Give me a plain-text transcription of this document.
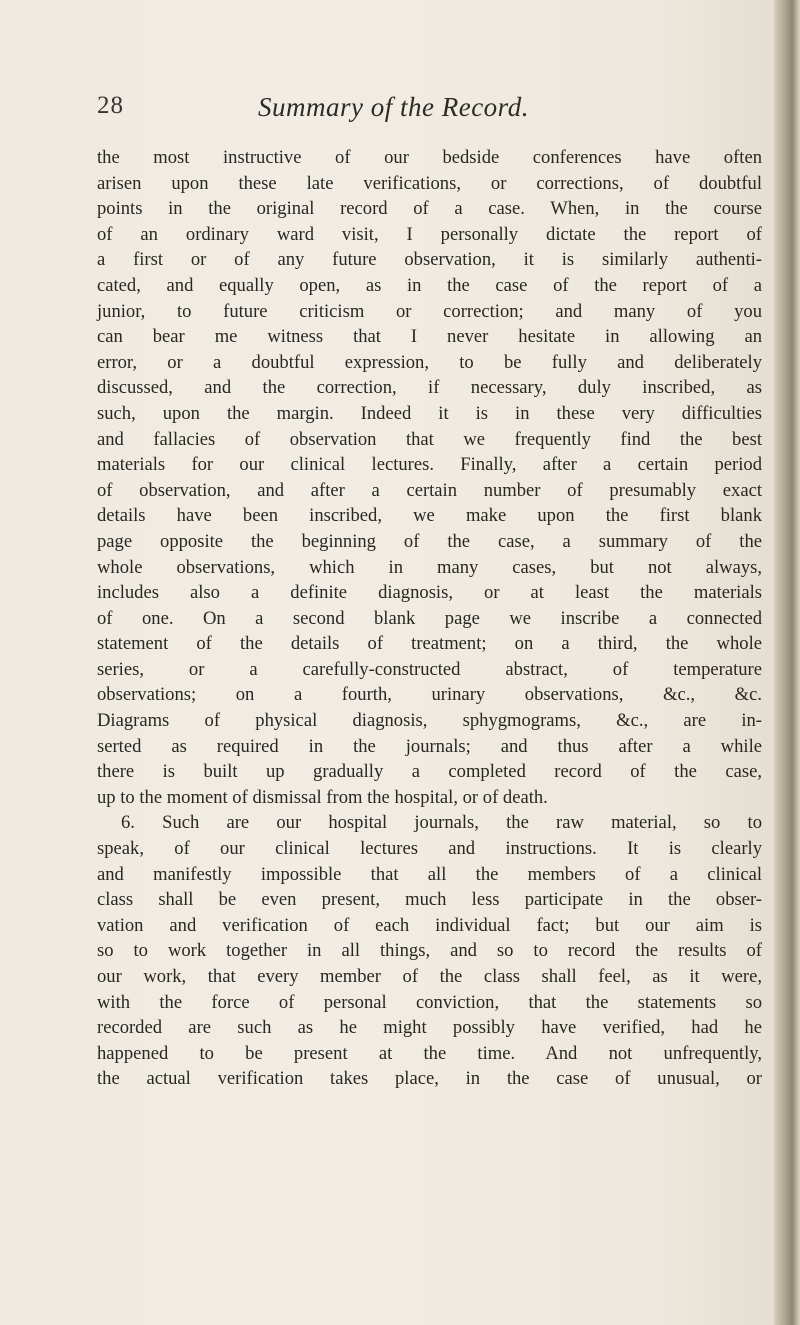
28	Summary of the Record.
the most instructive of our bedside conferences have often
arisen upon these late verifications, or corrections, of doubtful
points in the original record of a case. When, in the course
of an ordinary ward visit, I personally dictate the report of
a first or of any future observation, it is similarly authenti-
cated, and equally open, as in the case of the report of a
junior, to future criticism or correction; and many of you
can bear me witness that I never hesitate in allowing an
error, or a doubtful expression, to be fully and deliberately
discussed, and the correction, if necessary, duly inscribed, as
such, upon the margin. Indeed it is in these very difficulties
and fallacies of observation that we frequently find the best
materials for our clinical lectures. Finally, after a certain period
of observation, and after a certain number of presumably exact
details have been inscribed, we make upon the first blank
page opposite the beginning of the case, a summary of the
whole observations, which in many cases, but not always,
includes also a definite diagnosis, or at least the materials
of one. On a second blank page we inscribe a connected
statement of the details of treatment; on a third, the whole
series, or a carefully-constructed abstract, of temperature
observations; on a fourth, urinary observations, &c., &c.
Diagrams of physical diagnosis, sphygmograms, &c., are in-
serted as required in the journals; and thus after a while
there is built up gradually a completed record of the case,
up to the moment of dismissal from the hospital, or of death.
6. Such are our hospital journals, the raw material, so to
speak, of our clinical lectures and instructions. It is clearly
and manifestly impossible that all the members of a clinical
class shall be even present, much less participate in the obser-
vation and verification of each individual fact; but our aim is
so to work together in all things, and so to record the results of
our work, that every member of the class shall feel, as it were,
with the force of personal conviction, that the statements so
recorded are such as he might possibly have verified, had he
happened to be present at the time. And not unfrequently,
the actual verification takes place, in the case of unusual, or
